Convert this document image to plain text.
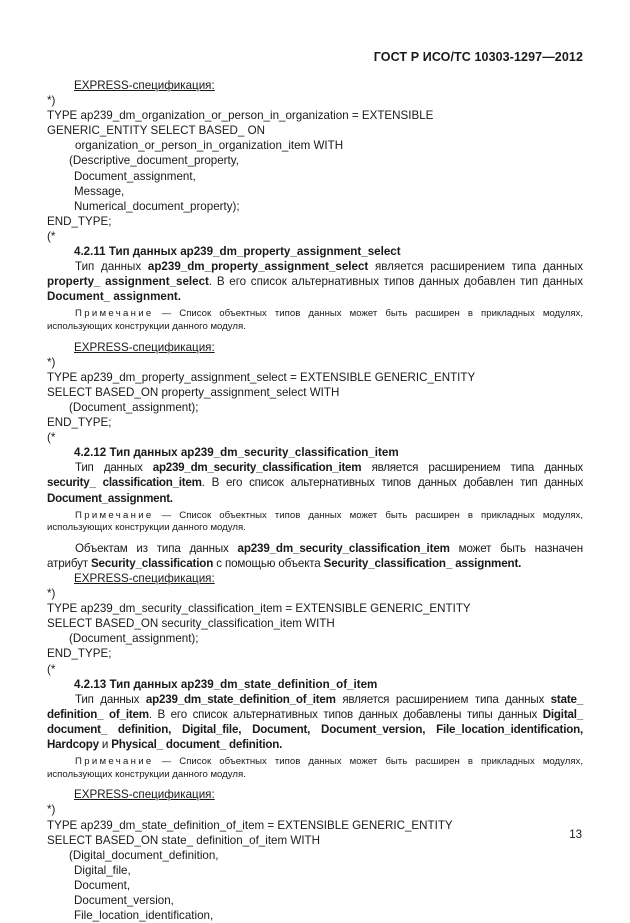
ГОСТ Р ИСО/ТС 10303-1297—2012
EXPRESS-спецификация:
*)
TYPE ap239_dm_organization_or_person_in_organization = EXTENSIBLE
GENERIC_ENTITY SELECT BASED_ ON
organization_or_person_in_organization_item WITH
(Descriptive_document_property,
Document_assignment,
Message,
Numerical_document_property);
END_TYPE;
(*
4.2.11 Тип данных ap239_dm_property_assignment_select
Тип данных ap239_dm_property_assignment_select является расширением типа данных property_ assignment_select. В его список альтернативных типов данных добавлен тип данных Document_ assignment.
Примечание — Список объектных типов данных может быть расширен в прикладных модулях, использующих конструкции данного модуля.
EXPRESS-спецификация:
*)
TYPE ap239_dm_property_assignment_select = EXTENSIBLE GENERIC_ENTITY
SELECT BASED_ON property_assignment_select WITH
(Document_assignment);
END_TYPE;
(*
4.2.12 Тип данных ap239_dm_security_classification_item
Тип данных ap239_dm_security_classification_item является расширением типа данных security_ classification_item. В его список альтернативных типов данных добавлен тип данных Document_assignment.
Примечание — Список объектных типов данных может быть расширен в прикладных модулях, использующих конструкции данного модуля.
Объектам из типа данных ap239_dm_security_classification_item может быть назначен атрибут Security_classification с помощью объекта Security_classification_ assignment.
EXPRESS-спецификация:
*)
TYPE ap239_dm_security_classification_item = EXTENSIBLE GENERIC_ENTITY
SELECT BASED_ON security_classification_item WITH
(Document_assignment);
END_TYPE;
(*
4.2.13 Тип данных ap239_dm_state_definition_of_item
Тип данных ap239_dm_state_definition_of_item является расширением типа данных state_ definition_ of_item. В его список альтернативных типов данных добавлены типы данных Digital_ document_ definition, Digital_file, Document, Document_version, File_location_identification, Hardcopy и Physical_ document_ definition.
Примечание — Список объектных типов данных может быть расширен в прикладных модулях, использующих конструкции данного модуля.
EXPRESS-спецификация:
*)
TYPE ap239_dm_state_definition_of_item = EXTENSIBLE GENERIC_ENTITY
SELECT BASED_ON state_ definition_of_item WITH
(Digital_document_definition,
Digital_file,
Document,
Document_version,
File_location_identification,
13
